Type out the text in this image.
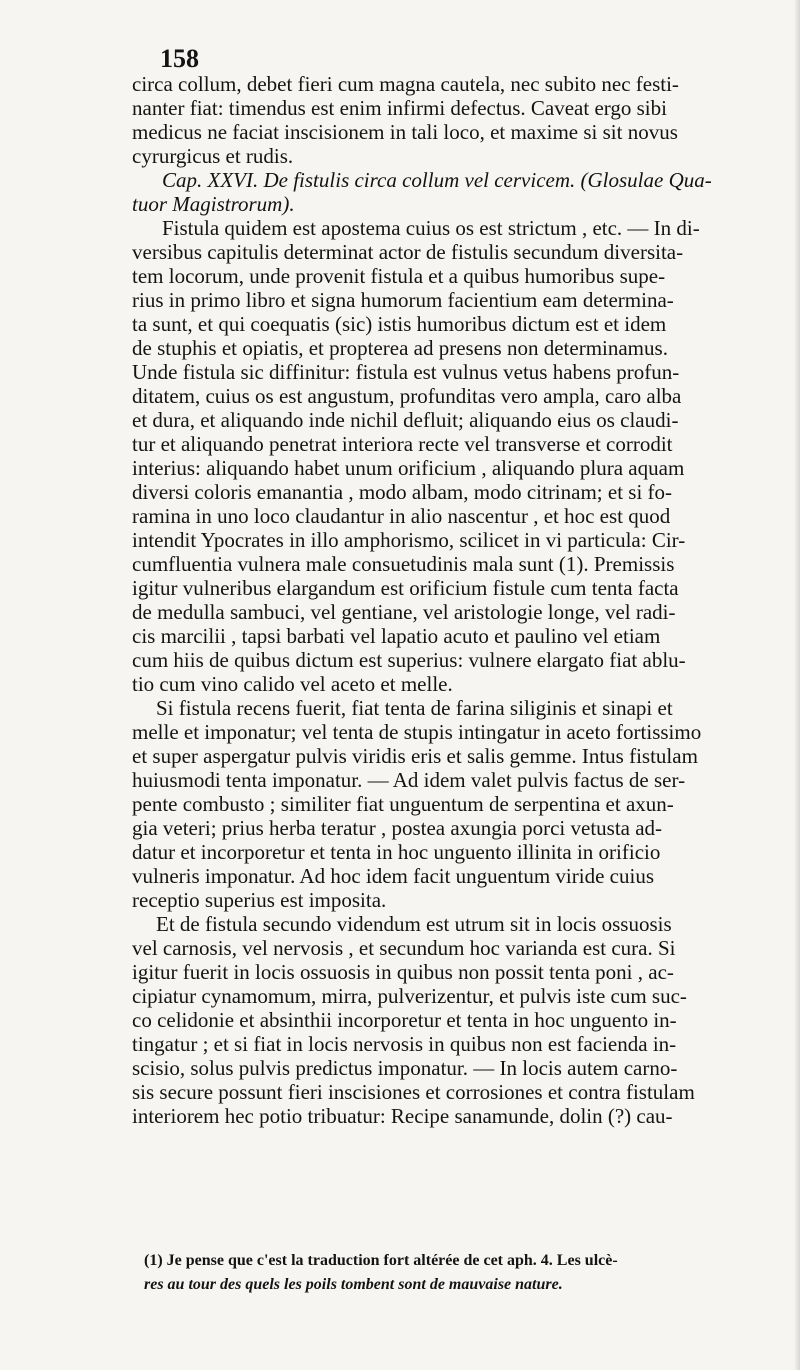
158
circa collum, debet fieri cum magna cautela, nec subito nec festi-
nanter fiat: timendus est enim infirmi defectus. Caveat ergo sibi
medicus ne faciat inscisionem in tali loco, et maxime si sit novus
cyrurgicus et rudis.
Cap. XXVI. De fistulis circa collum vel cervicem. (Glosulae Qua-
tuor Magistrorum).
Fistula quidem est apostema cuius os est strictum , etc. — In di-
versibus capitulis determinat actor de fistulis secundum diversita-
tem locorum, unde provenit fistula et a quibus humoribus supe-
rius in primo libro et signa humorum facientium eam determina-
ta sunt, et qui coequatis (sic) istis humoribus dictum est et idem
de stuphis et opiatis, et propterea ad presens non determinamus.
Unde fistula sic diffinitur: fistula est vulnus vetus habens profun-
ditatem, cuius os est angustum, profunditas vero ampla, caro alba
et dura, et aliquando inde nichil defluit; aliquando eius os claudi-
tur et aliquando penetrat interiora recte vel transverse et corrodit
interius: aliquando habet unum orificium , aliquando plura aquam
diversi coloris emanantia , modo albam, modo citrinam; et si fo-
ramina in uno loco claudantur in alio nascentur , et hoc est quod
intendit Ypocrates in illo amphorismo, scilicet in vi particula: Cir-
cumfluentia vulnera male consuetudinis mala sunt (1). Premissis
igitur vulneribus elargandum est orificium fistule cum tenta facta
de medulla sambuci, vel gentiane, vel aristologie longe, vel radi-
cis marcilii , tapsi barbati vel lapatio acuto et paulino vel etiam
cum hiis de quibus dictum est superius: vulnere elargato fiat ablu-
tio cum vino calido vel aceto et melle.
Si fistula recens fuerit, fiat tenta de farina siliginis et sinapi et
melle et imponatur; vel tenta de stupis intingatur in aceto fortissimo
et super aspergatur pulvis viridis eris et salis gemme. Intus fistulam
huiusmodi tenta imponatur. — Ad idem valet pulvis factus de ser-
pente combusto ; similiter fiat unguentum de serpentina et axun-
gia veteri; prius herba teratur , postea axungia porci vetusta ad-
datur et incorporetur et tenta in hoc unguento illinita in orificio
vulneris imponatur. Ad hoc idem facit unguentum viride cuius
receptio superius est imposita.
Et de fistula secundo videndum est utrum sit in locis ossuosis
vel carnosis, vel nervosis , et secundum hoc varianda est cura. Si
igitur fuerit in locis ossuosis in quibus non possit tenta poni , ac-
cipiatur cynamomum, mirra, pulverizentur, et pulvis iste cum suc-
co celidonie et absinthii incorporetur et tenta in hoc unguento in-
tingatur ; et si fiat in locis nervosis in quibus non est facienda in-
scisio, solus pulvis predictus imponatur. — In locis autem carno-
sis secure possunt fieri inscisiones et corrosiones et contra fistulam
interiorem hec potio tribuatur: Recipe sanamunde, dolin (?) cau-
(1) Je pense que c'est la traduction fort altérée de cet aph. 4. Les ulcè-
res au tour des quels les poils tombent sont de mauvaise nature.
